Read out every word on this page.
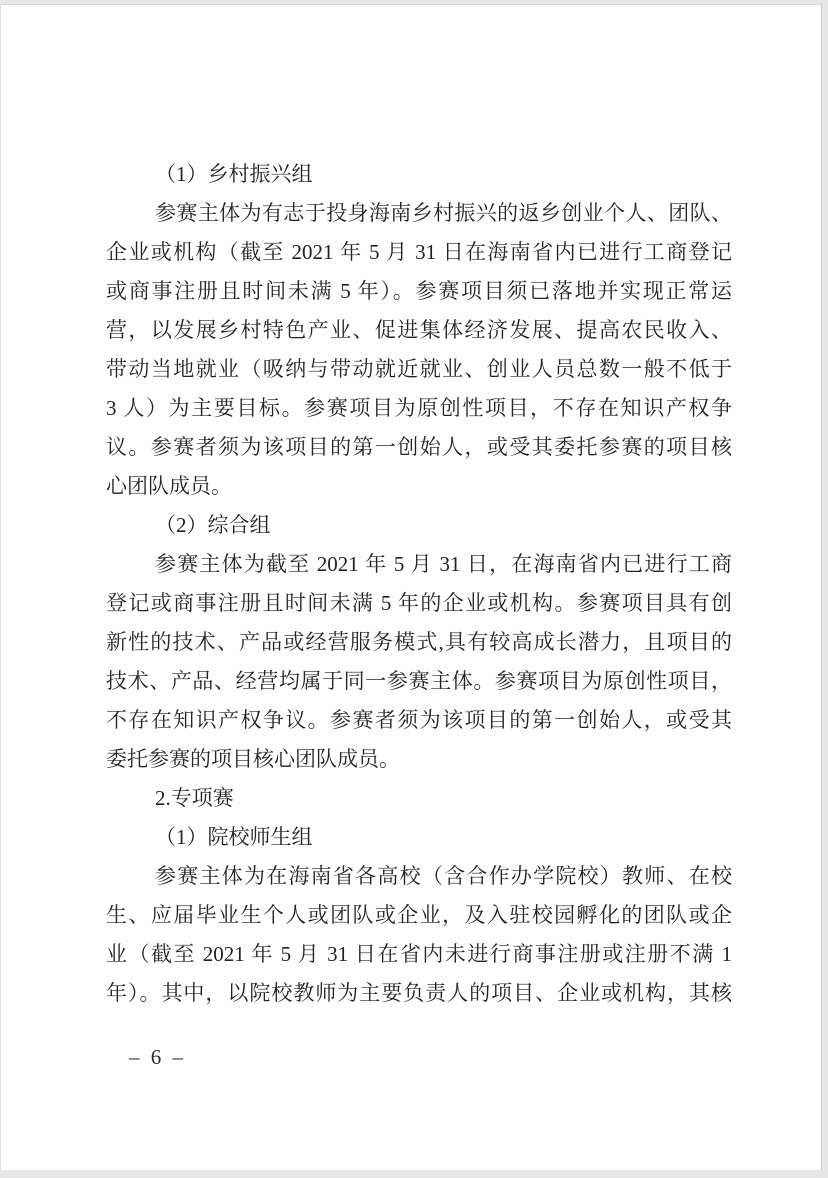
（1）乡村振兴组
参赛主体为有志于投身海南乡村振兴的返乡创业个人、团队、
企业或机构（截至 2021 年 5 月 31 日在海南省内已进行工商登记
或商事注册且时间未满 5 年）。参赛项目须已落地并实现正常运
营，以发展乡村特色产业、促进集体经济发展、提高农民收入、
带动当地就业（吸纳与带动就近就业、创业人员总数一般不低于
3 人）为主要目标。参赛项目为原创性项目，不存在知识产权争
议。参赛者须为该项目的第一创始人，或受其委托参赛的项目核
心团队成员。
（2）综合组
参赛主体为截至 2021 年 5 月 31 日，在海南省内已进行工商
登记或商事注册且时间未满 5 年的企业或机构。参赛项目具有创
新性的技术、产品或经营服务模式,具有较高成长潜力，且项目的
技术、产品、经营均属于同一参赛主体。参赛项目为原创性项目，
不存在知识产权争议。参赛者须为该项目的第一创始人，或受其
委托参赛的项目核心团队成员。
2.专项赛
（1）院校师生组
参赛主体为在海南省各高校（含合作办学院校）教师、在校
生、应届毕业生个人或团队或企业，及入驻校园孵化的团队或企
业（截至 2021 年 5 月 31 日在省内未进行商事注册或注册不满 1
年）。其中，以院校教师为主要负责人的项目、企业或机构，其核
– 6 –
